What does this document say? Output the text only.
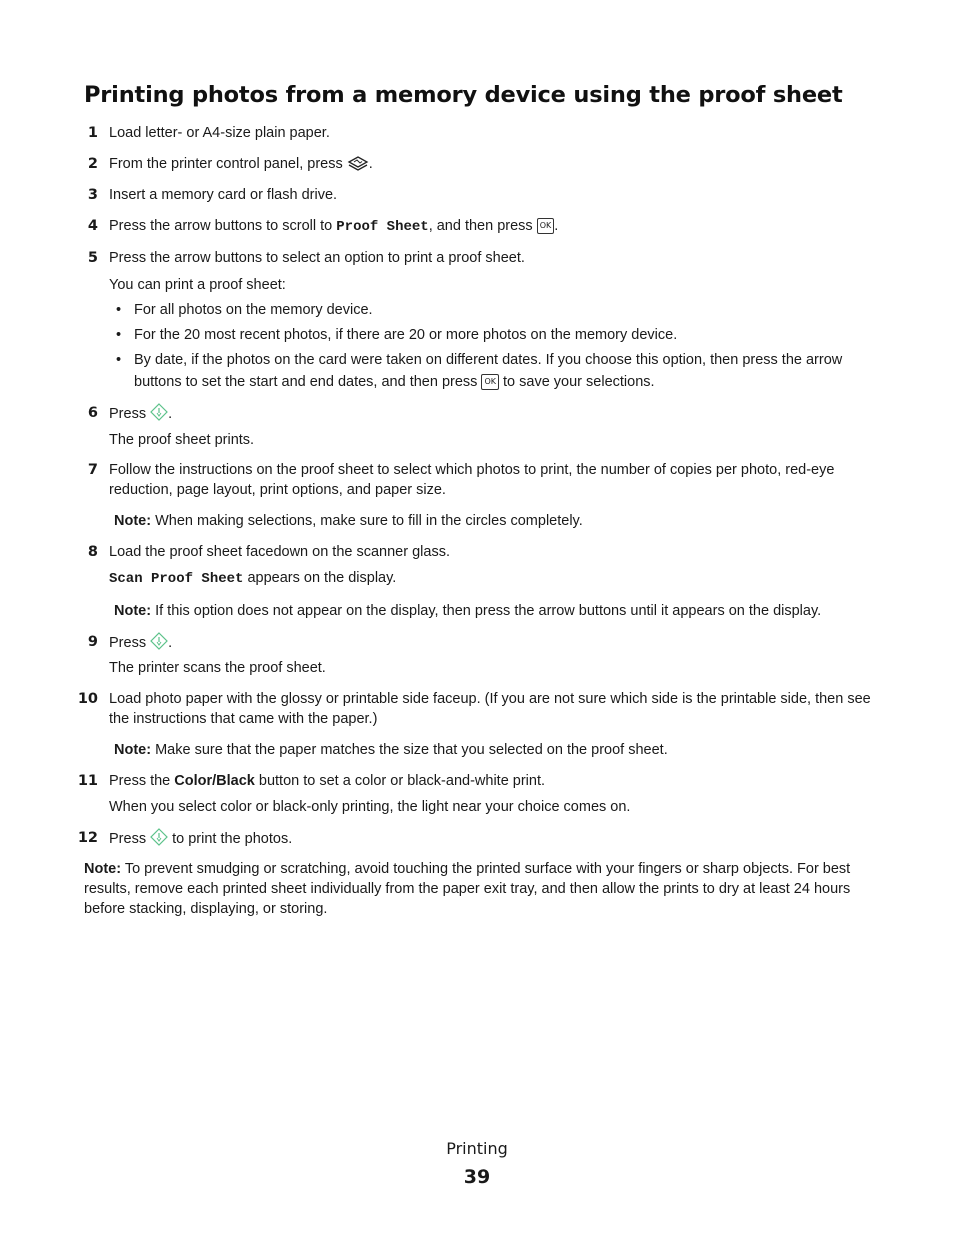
Printing photos from a memory device using the proof sheet
1 Load letter- or A4-size plain paper.
2 From the printer control panel, press .
3 Insert a memory card or flash drive.
4 Press the arrow buttons to scroll to Proof Sheet, and then press OK .
5 Press the arrow buttons to select an option to print a proof sheet.
You can print a proof sheet:
• For all photos on the memory device.
• For the 20 most recent photos, if there are 20 or more photos on the memory device.
• By date, if the photos on the card were taken on different dates. If you choose this option, then press the arrow buttons to set the start and end dates, and then press OK to save your selections.
6 Press .
The proof sheet prints.
7 Follow the instructions on the proof sheet to select which photos to print, the number of copies per photo, red-eye reduction, page layout, print options, and paper size.
Note: When making selections, make sure to fill in the circles completely.
8 Load the proof sheet facedown on the scanner glass.
Scan Proof Sheet appears on the display.
Note: If this option does not appear on the display, then press the arrow buttons until it appears on the display.
9 Press .
The printer scans the proof sheet.
10 Load photo paper with the glossy or printable side faceup. (If you are not sure which side is the printable side, then see the instructions that came with the paper.)
Note: Make sure that the paper matches the size that you selected on the proof sheet.
11 Press the Color/Black button to set a color or black-and-white print.
When you select color or black-only printing, the light near your choice comes on.
12 Press  to print the photos.
Note: To prevent smudging or scratching, avoid touching the printed surface with your fingers or sharp objects. For best results, remove each printed sheet individually from the paper exit tray, and then allow the prints to dry at least 24 hours before stacking, displaying, or storing.
Printing
39
